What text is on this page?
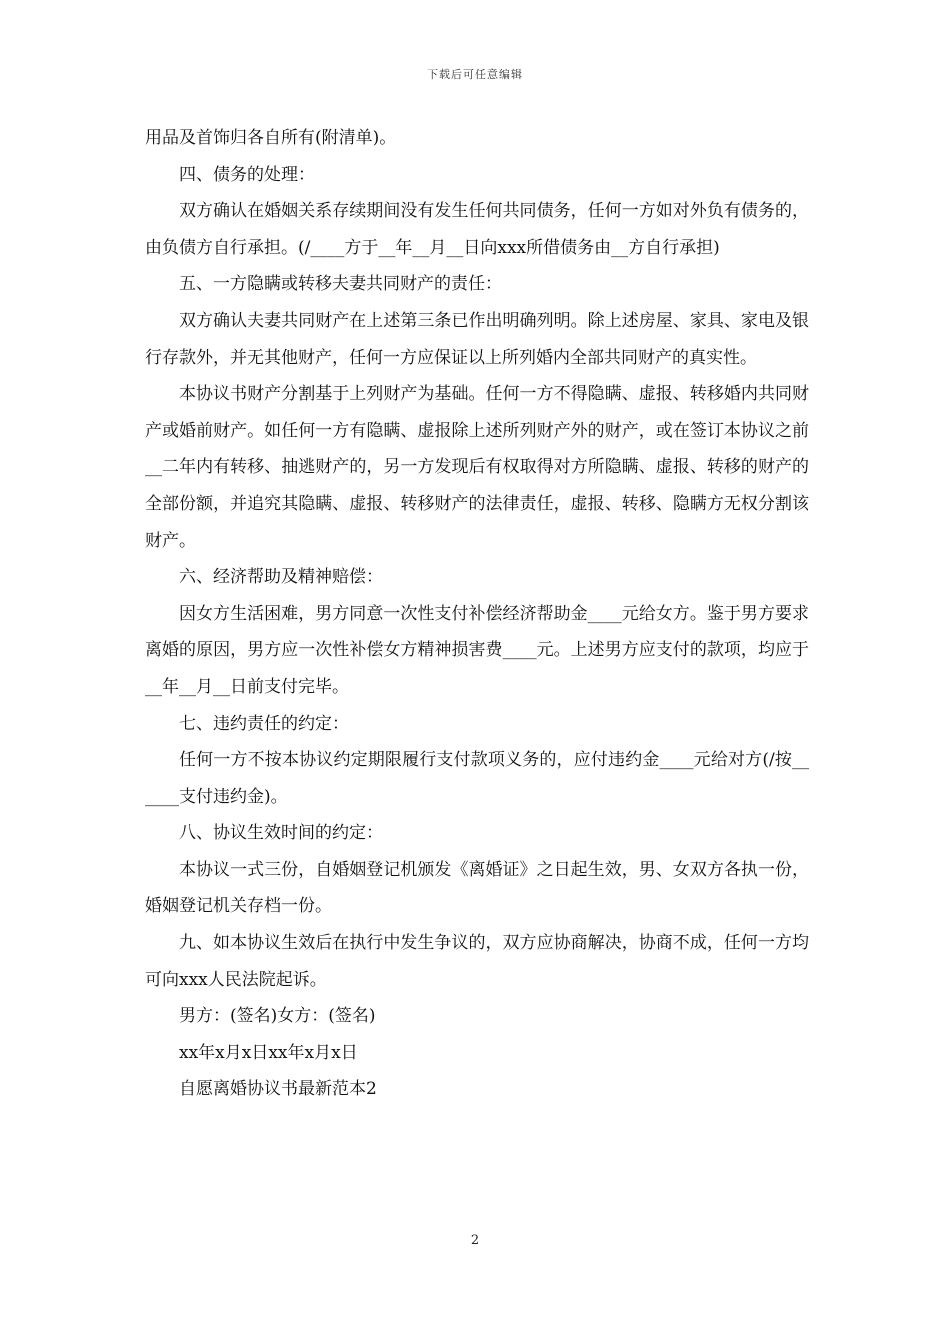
下载后可任意编辑

用品及首饰归各自所有(附清单)。

四、债务的处理：

双方确认在婚姻关系存续期间没有发生任何共同债务，任何一方如对外负有债务的，由负债方自行承担。(/____方于__年__月__日向xxx所借债务由__方自行承担)

五、一方隐瞒或转移夫妻共同财产的责任：

双方确认夫妻共同财产在上述第三条已作出明确列明。除上述房屋、家具、家电及银行存款外，并无其他财产，任何一方应保证以上所列婚内全部共同财产的真实性。

本协议书财产分割基于上列财产为基础。任何一方不得隐瞒、虚报、转移婚内共同财产或婚前财产。如任何一方有隐瞒、虚报除上述所列财产外的财产，或在签订本协议之前__二年内有转移、抽逃财产的，另一方发现后有权取得对方所隐瞒、虚报、转移的财产的全部份额，并追究其隐瞒、虚报、转移财产的法律责任，虚报、转移、隐瞒方无权分割该财产。

六、经济帮助及精神赔偿：

因女方生活困难，男方同意一次性支付补偿经济帮助金____元给女方。鉴于男方要求离婚的原因，男方应一次性补偿女方精神损害费____元。上述男方应支付的款项，均应于__年__月__日前支付完毕。

七、违约责任的约定：

任何一方不按本协议约定期限履行支付款项义务的，应付违约金____元给对方(/按______支付违约金)。

八、协议生效时间的约定：

本协议一式三份，自婚姻登记机颁发《离婚证》之日起生效，男、女双方各执一份，婚姻登记机关存档一份。

九、如本协议生效后在执行中发生争议的，双方应协商解决，协商不成，任何一方均可向xxx人民法院起诉。

男方：(签名)女方：(签名)

xx年x月x日xx年x月x日

自愿离婚协议书最新范本2

2
